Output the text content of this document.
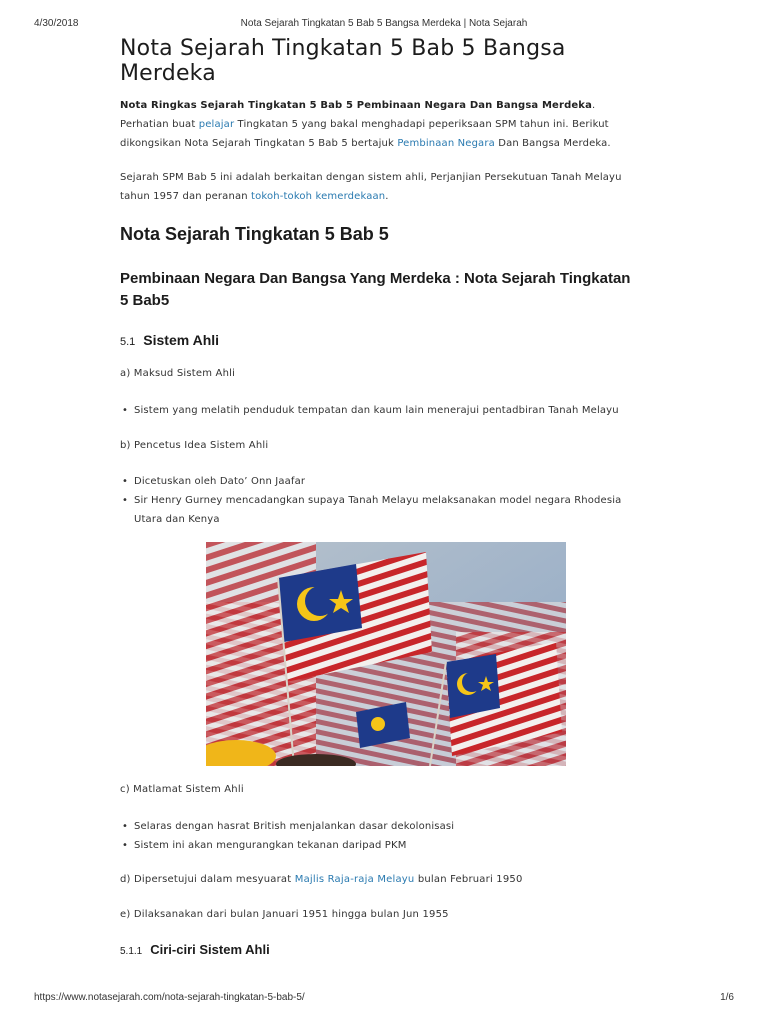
4/30/2018	Nota Sejarah Tingkatan 5 Bab 5 Bangsa Merdeka | Nota Sejarah
Nota Sejarah Tingkatan 5 Bab 5 Bangsa Merdeka

Nota Ringkas Sejarah Tingkatan 5 Bab 5 Pembinaan Negara Dan Bangsa Merdeka. Perhatian buat pelajar Tingkatan 5 yang bakal menghadapi peperiksaan SPM tahun ini. Berikut dikongsikan Nota Sejarah Tingkatan 5 Bab 5 bertajuk Pembinaan Negara Dan Bangsa Merdeka.

Sejarah SPM Bab 5 ini adalah berkaitan dengan sistem ahli, Perjanjian Persekutuan Tanah Melayu tahun 1957 dan peranan tokoh-tokoh kemerdekaan.

Nota Sejarah Tingkatan 5 Bab 5
Pembinaan Negara Dan Bangsa Yang Merdeka : Nota Sejarah Tingkatan 5 Bab5
5.1 Sistem Ahli
a) Maksud Sistem Ahli
• Sistem yang melatih penduduk tempatan dan kaum lain menerajui pentadbiran Tanah Melayu
b) Pencetus Idea Sistem Ahli
• Dicetuskan oleh Dato’ Onn Jaafar
• Sir Henry Gurney mencadangkan supaya Tanah Melayu melaksanakan model negara Rhodesia Utara dan Kenya
c) Matlamat Sistem Ahli
• Selaras dengan hasrat British menjalankan dasar dekolonisasi
• Sistem ini akan mengurangkan tekanan daripad PKM
d) Dipersetujui dalam mesyuarat Majlis Raja-raja Melayu bulan Februari 1950
e) Dilaksanakan dari bulan Januari 1951 hingga bulan Jun 1955
5.1.1 Ciri-ciri Sistem Ahli
https://www.notasejarah.com/nota-sejarah-tingkatan-5-bab-5/	1/6
